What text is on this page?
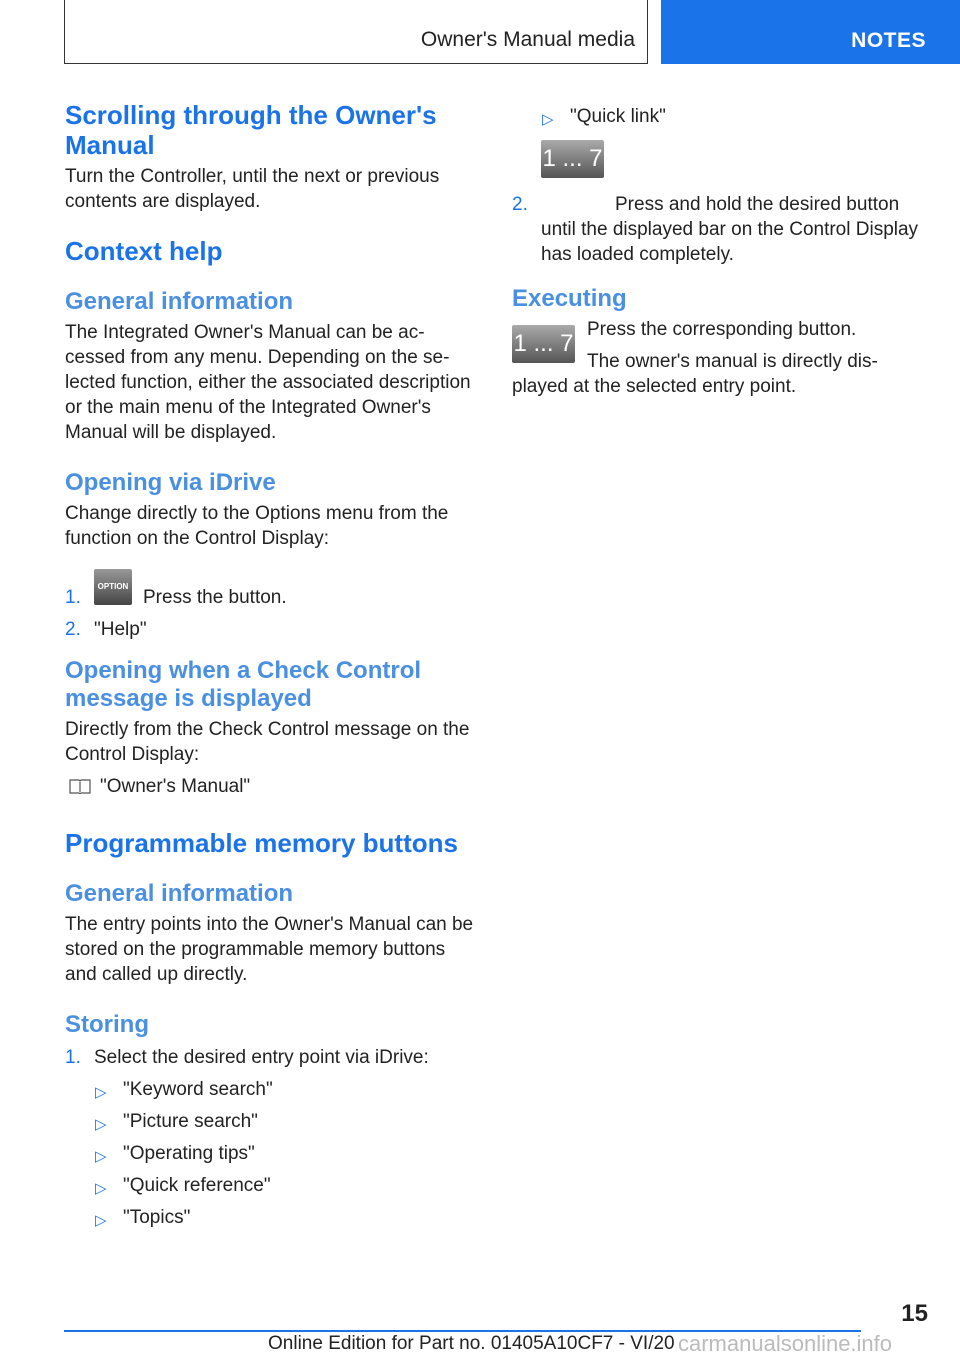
Owner's Manual media	NOTES
Scrolling through the Owner's Manual

Turn the Controller, until the next or previous contents are displayed.

Context help
General information

The Integrated Owner's Manual can be ac‐ cessed from any menu. Depending on the se‐ lected function, either the associated description or the main menu of the Integrated Owner's Manual will be displayed.

Opening via iDrive

Change directly to the Options menu from the function on the Control Display:

1.
OPTION
Press the button.
2. "Help"
Opening when a Check Control message is displayed

Directly from the Check Control message on the Control Display:

"Owner's Manual"
Programmable memory buttons
General information

The entry points into the Owner's Manual can be stored on the programmable memory buttons and called up directly.

Storing
1. Select the desired entry point via iDrive:
▷ "Keyword search"
▷ "Picture search"
▷ "Operating tips"
▷ "Quick reference"
▷ "Topics"
▷ "Quick link"
2.
1 ... 7
Press and hold the desired button until the displayed bar on the Control Display has loaded completely.
Executing
1 ... 7

Press the corresponding button.

The owner's manual is directly dis‐ played at the selected entry point.

15
Online Edition for Part no. 01405A10CF7 - VI/20 carmanualsonline.info
